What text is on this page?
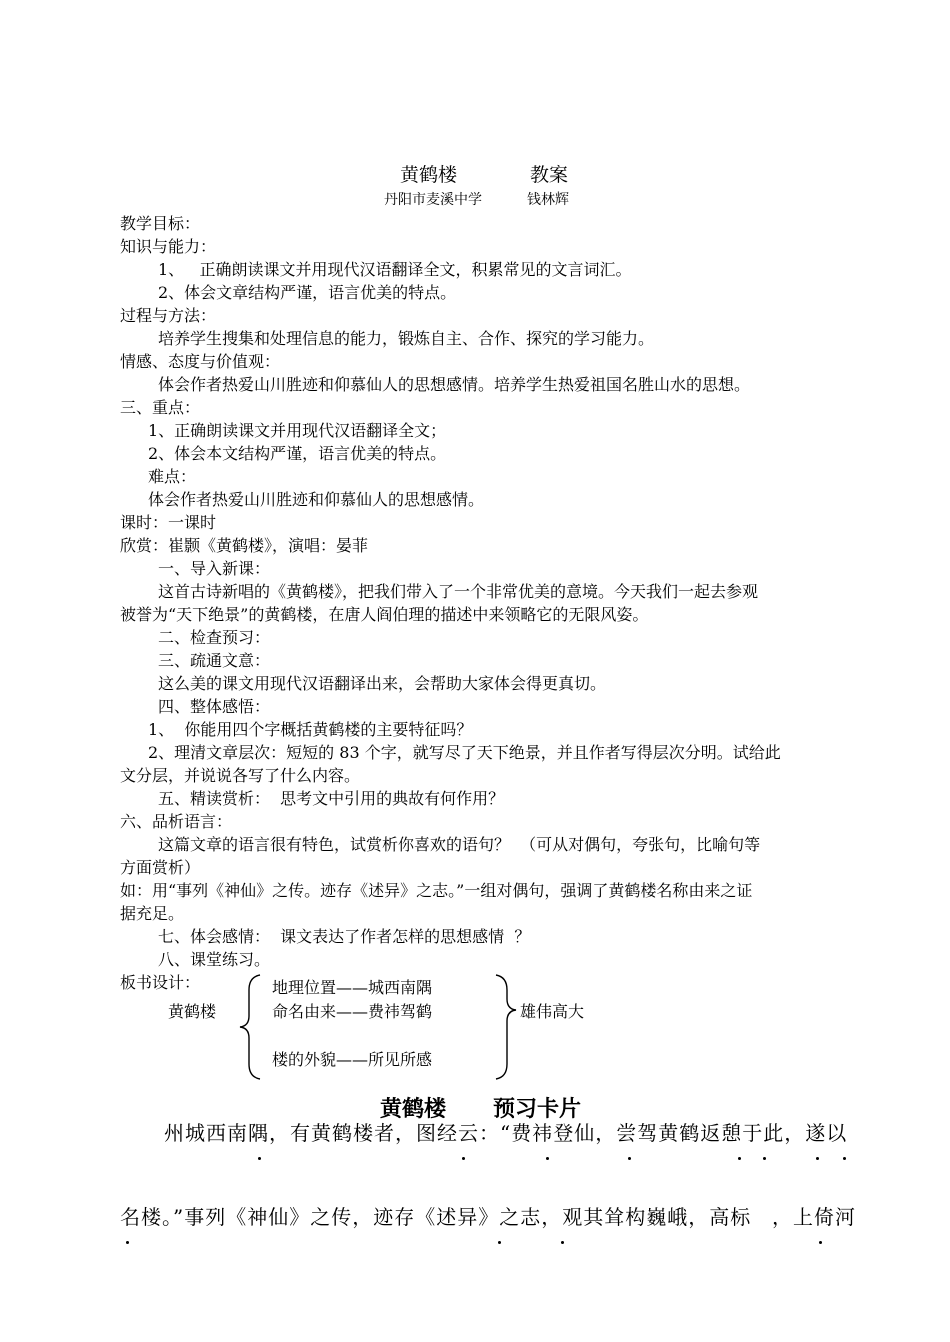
黄鹤楼	教案
丹阳市麦溪中学	钱林辉
教学目标：
知识与能力：
1、   正确朗读课文并用现代汉语翻译全文，积累常见的文言词汇。
2、体会文章结构严谨，语言优美的特点。
过程与方法：
培养学生搜集和处理信息的能力，锻炼自主、合作、探究的学习能力。
情感、态度与价值观：
体会作者热爱山川胜迹和仰慕仙人的思想感情。培养学生热爱祖国名胜山水的思想。
三、重点：
1、正确朗读课文并用现代汉语翻译全文；
2、体会本文结构严谨，语言优美的特点。
难点：
体会作者热爱山川胜迹和仰慕仙人的思想感情。
课时：一课时
欣赏：崔颢《黄鹤楼》，演唱：晏菲
一、导入新课：
这首古诗新唱的《黄鹤楼》，把我们带入了一个非常优美的意境。今天我们一起去参观
被誉为“天下绝景”的黄鹤楼，在唐人阎伯理的描述中来领略它的无限风姿。
二、检查预习：
三、疏通文意：
这么美的课文用现代汉语翻译出来，会帮助大家体会得更真切。
四、整体感悟：
1、  你能用四个字概括黄鹤楼的主要特征吗？
2、理清文章层次：短短的 83 个字，就写尽了天下绝景，并且作者写得层次分明。试给此
文分层，并说说各写了什么内容。
五、精读赏析：  思考文中引用的典故有何作用？
六、品析语言：
这篇文章的语言很有特色，试赏析你喜欢的语句？  （可从对偶句，夸张句，比喻句等
方面赏析）
如：用“事列《神仙》之传。迹存《述异》之志。”一组对偶句，强调了黄鹤楼名称由来之证
据充足。
七、体会感情：  课文表达了作者怎样的思想感情  ？
八、课堂练习。
板书设计：
黄鹤楼
地理位置——城西南隅
命名由来——费祎驾鹤
楼的外貌——所见所感
雄伟高大
黄鹤楼 预习卡片
州城西南隅，有黄鹤楼者，图经云：“费祎登仙，尝驾黄鹤返憩于此，遂以
名楼。”事列《神仙》之传，迹存《述异》之志，观其耸构巍峨，高标 ，上倚河
